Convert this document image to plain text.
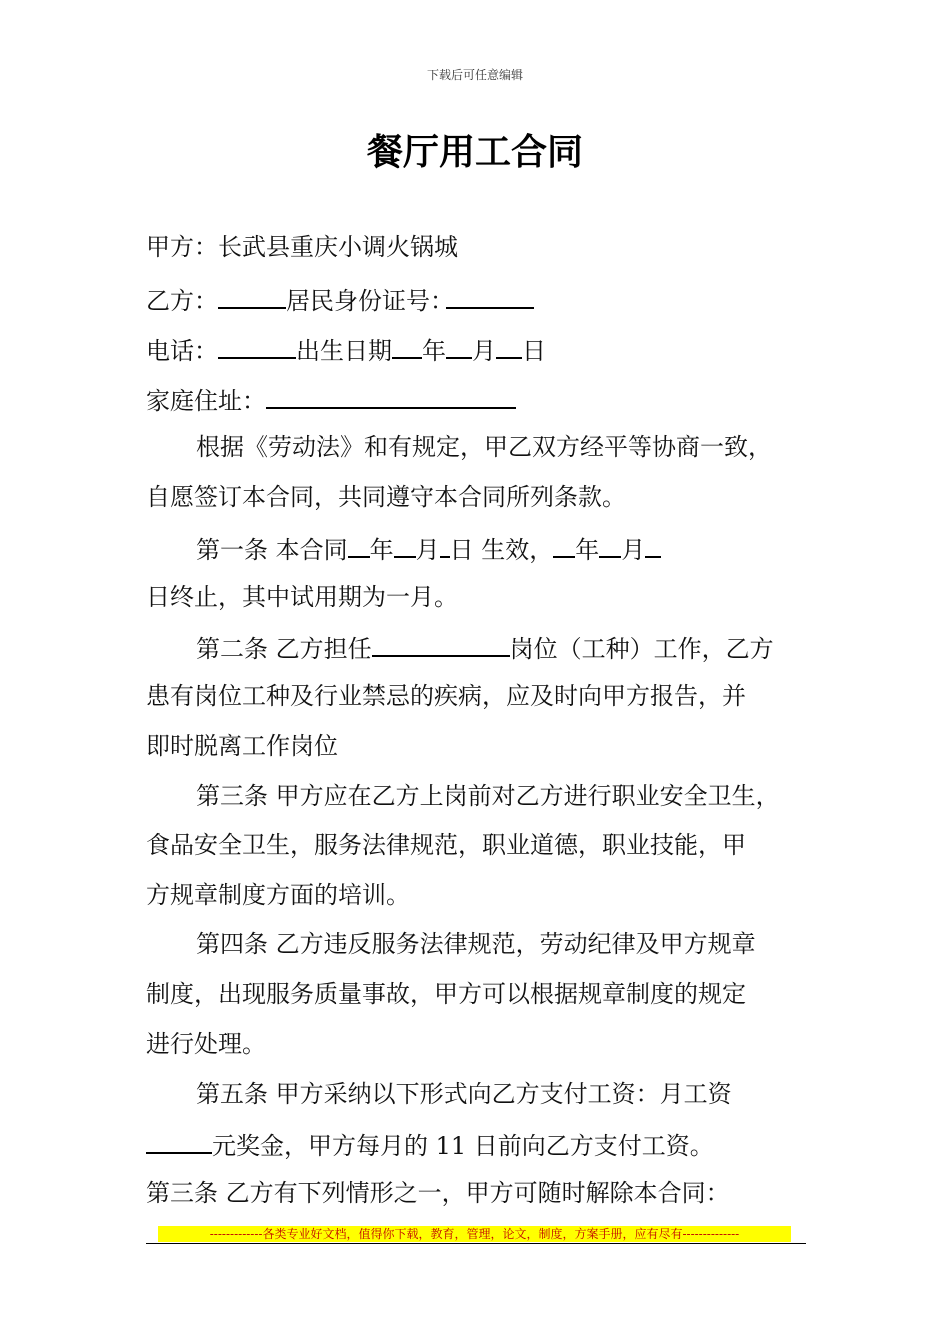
下载后可任意编辑
餐厅用工合同
甲方：长武县重庆小调火锅城
乙方：	居民身份证号：
电话：	出生日期 年 月 日
家庭住址：
根据《劳动法》和有规定，甲乙双方经平等协商一致，
自愿签订本合同，共同遵守本合同所列条款。
第一条 本合同 年 月 日 生效， 年 月
日终止，其中试用期为一月。
第二条 乙方担任	岗位（工种）工作，乙方
患有岗位工种及行业禁忌的疾病，应及时向甲方报告，并
即时脱离工作岗位
第三条 甲方应在乙方上岗前对乙方进行职业安全卫生，
食品安全卫生，服务法律规范，职业道德，职业技能，甲
方规章制度方面的培训。
第四条 乙方违反服务法律规范，劳动纪律及甲方规章
制度，出现服务质量事故，甲方可以根据规章制度的规定
进行处理。
第五条 甲方采纳以下形式向乙方支付工资：月工资
元奖金，甲方每月的 11 日前向乙方支付工资。
第三条 乙方有下列情形之一，甲方可随时解除本合同：
-------------各类专业好文档，值得你下载，教育，管理，论文，制度，方案手册，应有尽有--------------
